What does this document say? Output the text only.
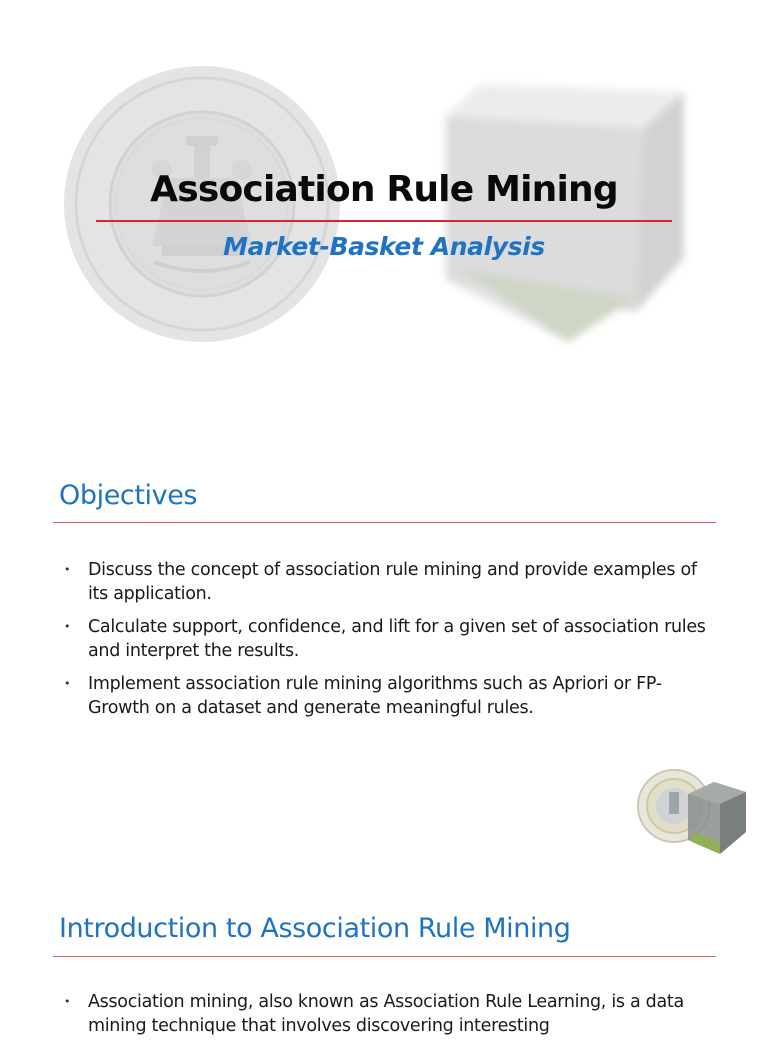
Association Rule Mining
Market-Basket Analysis
Objectives
• Discuss the concept of association rule mining and provide examples of its application.
• Calculate support, confidence, and lift for a given set of association rules and interpret the results.
• Implement association rule mining algorithms such as Apriori or FP-Growth on a dataset and generate meaningful rules.
Introduction to Association Rule Mining
• Association mining, also known as Association Rule Learning, is a data mining technique that involves discovering interesting
